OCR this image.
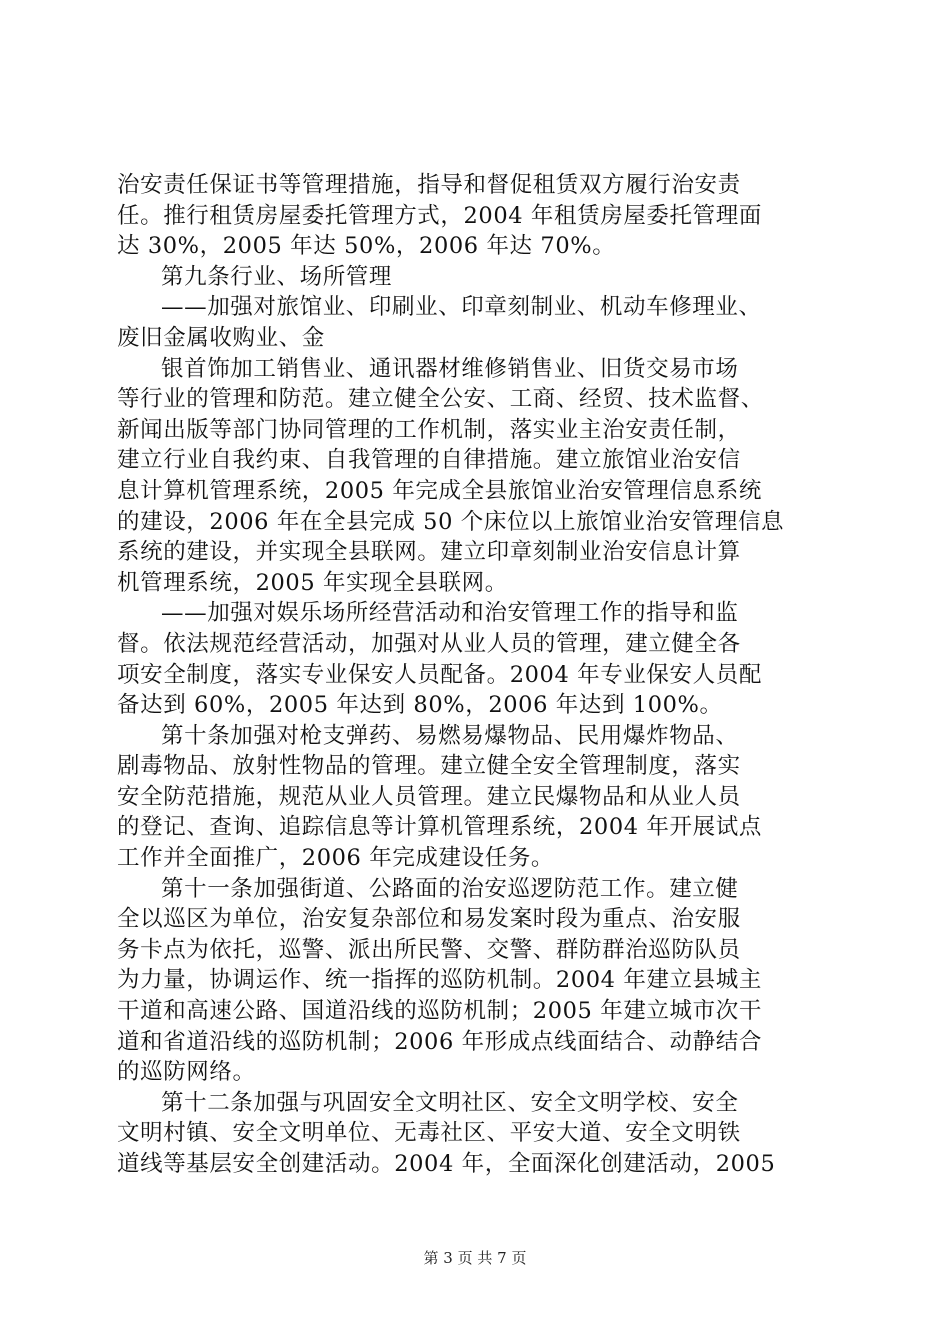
治安责任保证书等管理措施，指导和督促租赁双方履行治安责
任。推行租赁房屋委托管理方式，2004 年租赁房屋委托管理面
达 30%，2005 年达 50%，2006 年达 70%。
第九条行业、场所管理
——加强对旅馆业、印刷业、印章刻制业、机动车修理业、
废旧金属收购业、金
银首饰加工销售业、通讯器材维修销售业、旧货交易市场
等行业的管理和防范。建立健全公安、工商、经贸、技术监督、
新闻出版等部门协同管理的工作机制，落实业主治安责任制，
建立行业自我约束、自我管理的自律措施。建立旅馆业治安信
息计算机管理系统，2005 年完成全县旅馆业治安管理信息系统
的建设，2006 年在全县完成 50 个床位以上旅馆业治安管理信息
系统的建设，并实现全县联网。建立印章刻制业治安信息计算
机管理系统，2005 年实现全县联网。
——加强对娱乐场所经营活动和治安管理工作的指导和监
督。依法规范经营活动，加强对从业人员的管理，建立健全各
项安全制度，落实专业保安人员配备。2004 年专业保安人员配
备达到 60%，2005 年达到 80%，2006 年达到 100%。
第十条加强对枪支弹药、易燃易爆物品、民用爆炸物品、
剧毒物品、放射性物品的管理。建立健全安全管理制度，落实
安全防范措施，规范从业人员管理。建立民爆物品和从业人员
的登记、查询、追踪信息等计算机管理系统，2004 年开展试点
工作并全面推广，2006 年完成建设任务。
第十一条加强街道、公路面的治安巡逻防范工作。建立健
全以巡区为单位，治安复杂部位和易发案时段为重点、治安服
务卡点为依托，巡警、派出所民警、交警、群防群治巡防队员
为力量，协调运作、统一指挥的巡防机制。2004 年建立县城主
干道和高速公路、国道沿线的巡防机制；2005 年建立城市次干
道和省道沿线的巡防机制；2006 年形成点线面结合、动静结合
的巡防网络。
第十二条加强与巩固安全文明社区、安全文明学校、安全
文明村镇、安全文明单位、无毒社区、平安大道、安全文明铁
道线等基层安全创建活动。2004 年，全面深化创建活动，2005
第 3 页 共 7 页
